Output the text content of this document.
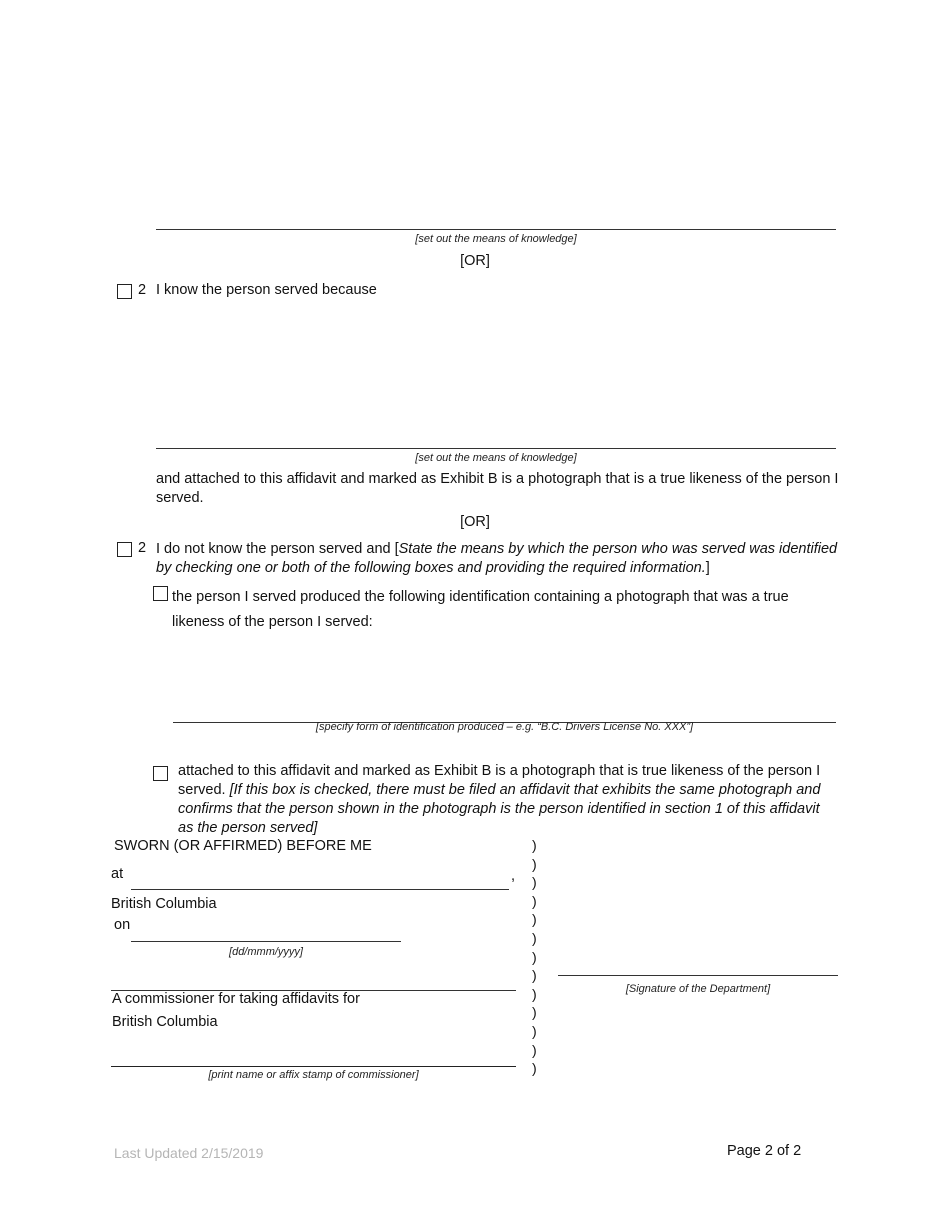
[set out the means of knowledge]
[OR]
2 I know the person served because
[set out the means of knowledge]
and attached to this affidavit and marked as Exhibit B is a photograph that is a true likeness of the person I served.
[OR]
2 I do not know the person served and [State the means by which the person who was served was identified by checking one or both of the following boxes and providing the required information.]
the person I served produced the following identification containing a photograph that was a true likeness of the person I served:
[specify form of identification produced – e.g. “B.C. Drivers License No. XXX”]
attached to this affidavit and marked as Exhibit B is a photograph that is true likeness of the person I served. [If this box is checked, there must be filed an affidavit that exhibits the same photograph and confirms that the person shown in the photograph is the person identified in section 1 of this affidavit as the person served]
SWORN (OR AFFIRMED) BEFORE ME
at	,
British Columbia
on
[dd/mmm/yyyy]
A commissioner for taking affidavits for
British Columbia
[print name or affix stamp of commissioner]
)
)
)
)
)
)
)
)
)
)
)
)
)
[Signature of the Department]
Last Updated 2/15/2019	Page 2 of 2
